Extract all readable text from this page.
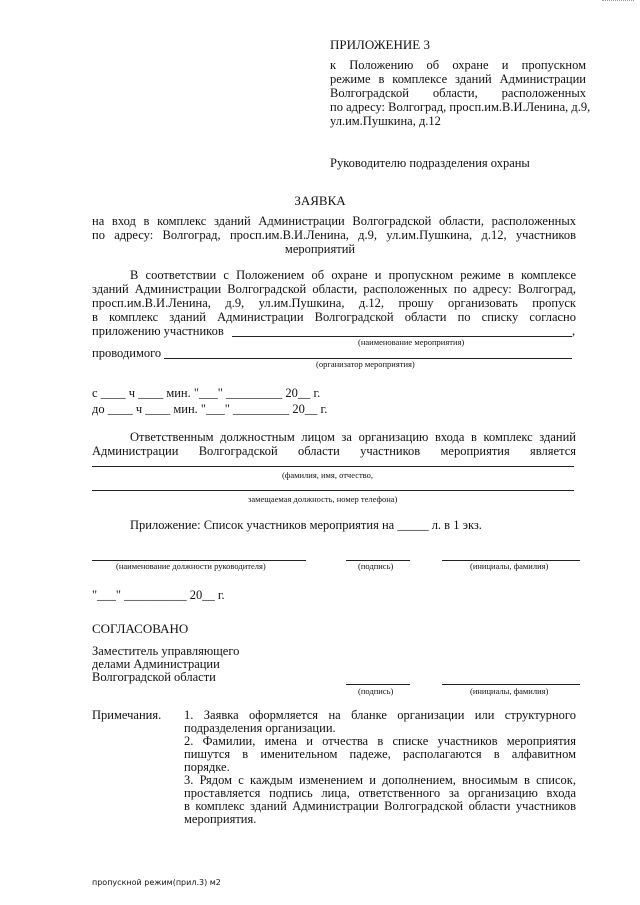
ПРИЛОЖЕНИЕ 3
к Положению об охране и пропускном
режиме в комплексе зданий Администрации
Волгоградской области, расположенных
по адресу: Волгоград, просп.им.В.И.Ленина, д.9,
ул.им.Пушкина, д.12
Руководителю подразделения охраны
ЗАЯВКА
на вход в комплекс зданий Администрации Волгоградской области, расположенных
по адресу: Волгоград, просп.им.В.И.Ленина, д.9, ул.им.Пушкина, д.12, участников
мероприятий
В соответствии с Положением об охране и пропускном режиме в комплексе
зданий Администрации Волгоградской области, расположенных по адресу: Волгоград,
просп.им.В.И.Ленина, д.9, ул.им.Пушкина, д.12, прошу организовать пропуск
в комплекс зданий Администрации Волгоградской области по списку согласно
приложению участников	,
(наименование мероприятия)
проводимого
(организатор мероприятия)
с ____ ч ____ мин. "___" _________ 20__ г.
до ____ ч ____ мин. "___" _________ 20__ г.
Ответственным должностным лицом за организацию входа в комплекс зданий
Администрации Волгоградской области участников мероприятия является
(фамилия, имя, отчество,
замещаемая должность, номер телефона)
Приложение: Список участников мероприятия на _____ л. в 1 экз.
(наименование должности руководителя)	(подпись)	(инициалы, фамилия)
"___" __________ 20__ г.
СОГЛАСОВАНО
Заместитель управляющего
делами Администрации
Волгоградской области
(подпись)	(инициалы, фамилия)
Примечания. 1. Заявка оформляется на бланке организации или структурного
подразделения организации.
2. Фамилии, имена и отчества в списке участников мероприятия
пишутся в именительном падеже, располагаются в алфавитном
порядке.
3. Рядом с каждым изменением и дополнением, вносимым в список,
проставляется подпись лица, ответственного за организацию входа
в комплекс зданий Администрации Волгоградской области участников
мероприятия.
пропускной режим(прил.3) м2
